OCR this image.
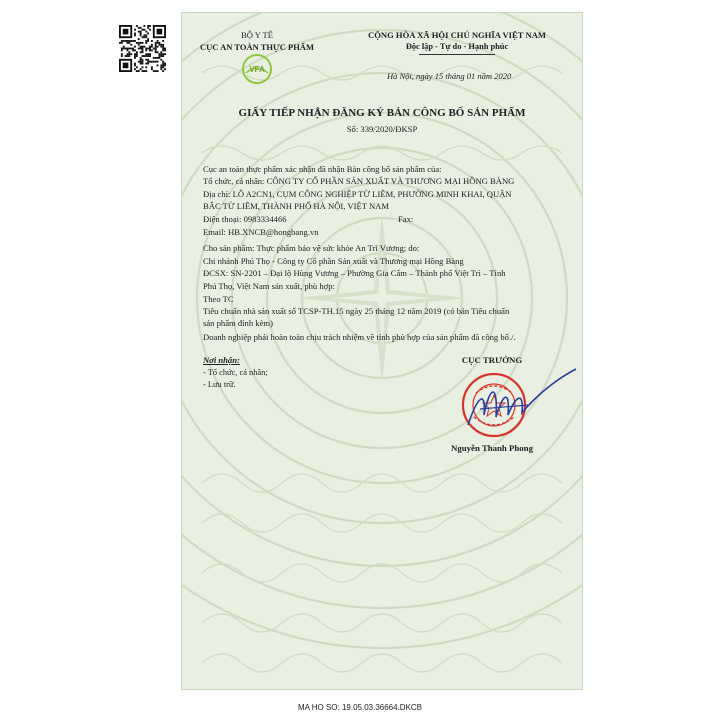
BỘ Y TẾ
CỤC AN TOÀN THỰC PHẨM
VFA
CỘNG HÒA XÃ HỘI CHỦ NGHĨA VIỆT NAM
Độc lập - Tự do - Hạnh phúc
Hà Nội, ngày 15 tháng 01 năm 2020
GIẤY TIẾP NHẬN ĐĂNG KÝ BẢN CÔNG BỐ SẢN PHẨM
Số: 339/2020/ĐKSP
Cục an toàn thực phẩm xác nhận đã nhận Bản công bố sản phẩm của:
Tổ chức, cá nhân: CÔNG TY CỔ PHẦN SẢN XUẤT VÀ THƯƠNG MẠI HỒNG BÀNG
Địa chỉ: LÔ A2CN1, CỤM CÔNG NGHIỆP TỪ LIÊM, PHƯỜNG MINH KHAI, QUẬN
BẮC TỪ LIÊM, THÀNH PHỐ HÀ NỘI, VIỆT NAM
Điện thoại: 0983334466	Fax:
Email: HB.XNCB@hongbang.vn
Cho sản phẩm: Thực phẩm bảo vệ sức khỏe An Trĩ Vương; do:
Chi nhánh Phú Thọ - Công ty Cổ phần Sản xuất và Thương mại Hồng Bàng
ĐCSX: SN-2201 – Đại lộ Hùng Vương – Phường Gia Cẩm – Thành phố Việt Trì – Tỉnh
Phú Thọ, Việt Nam sản xuất, phù hợp:
Theo TC
Tiêu chuẩn nhà sản xuất số TCSP-TH.15 ngày 25 tháng 12 năm 2019 (có bản Tiêu chuẩn
sản phẩm đính kèm)
Doanh nghiệp phải hoàn toàn chịu trách nhiệm về tính phù hợp của sản phẩm đã công bố./.
Nơi nhận:
- Tổ chức, cá nhân;
- Lưu trữ.
CỤC TRƯỞNG
Nguyễn Thanh Phong
MA HO SO: 19.05.03.36664.DKCB
